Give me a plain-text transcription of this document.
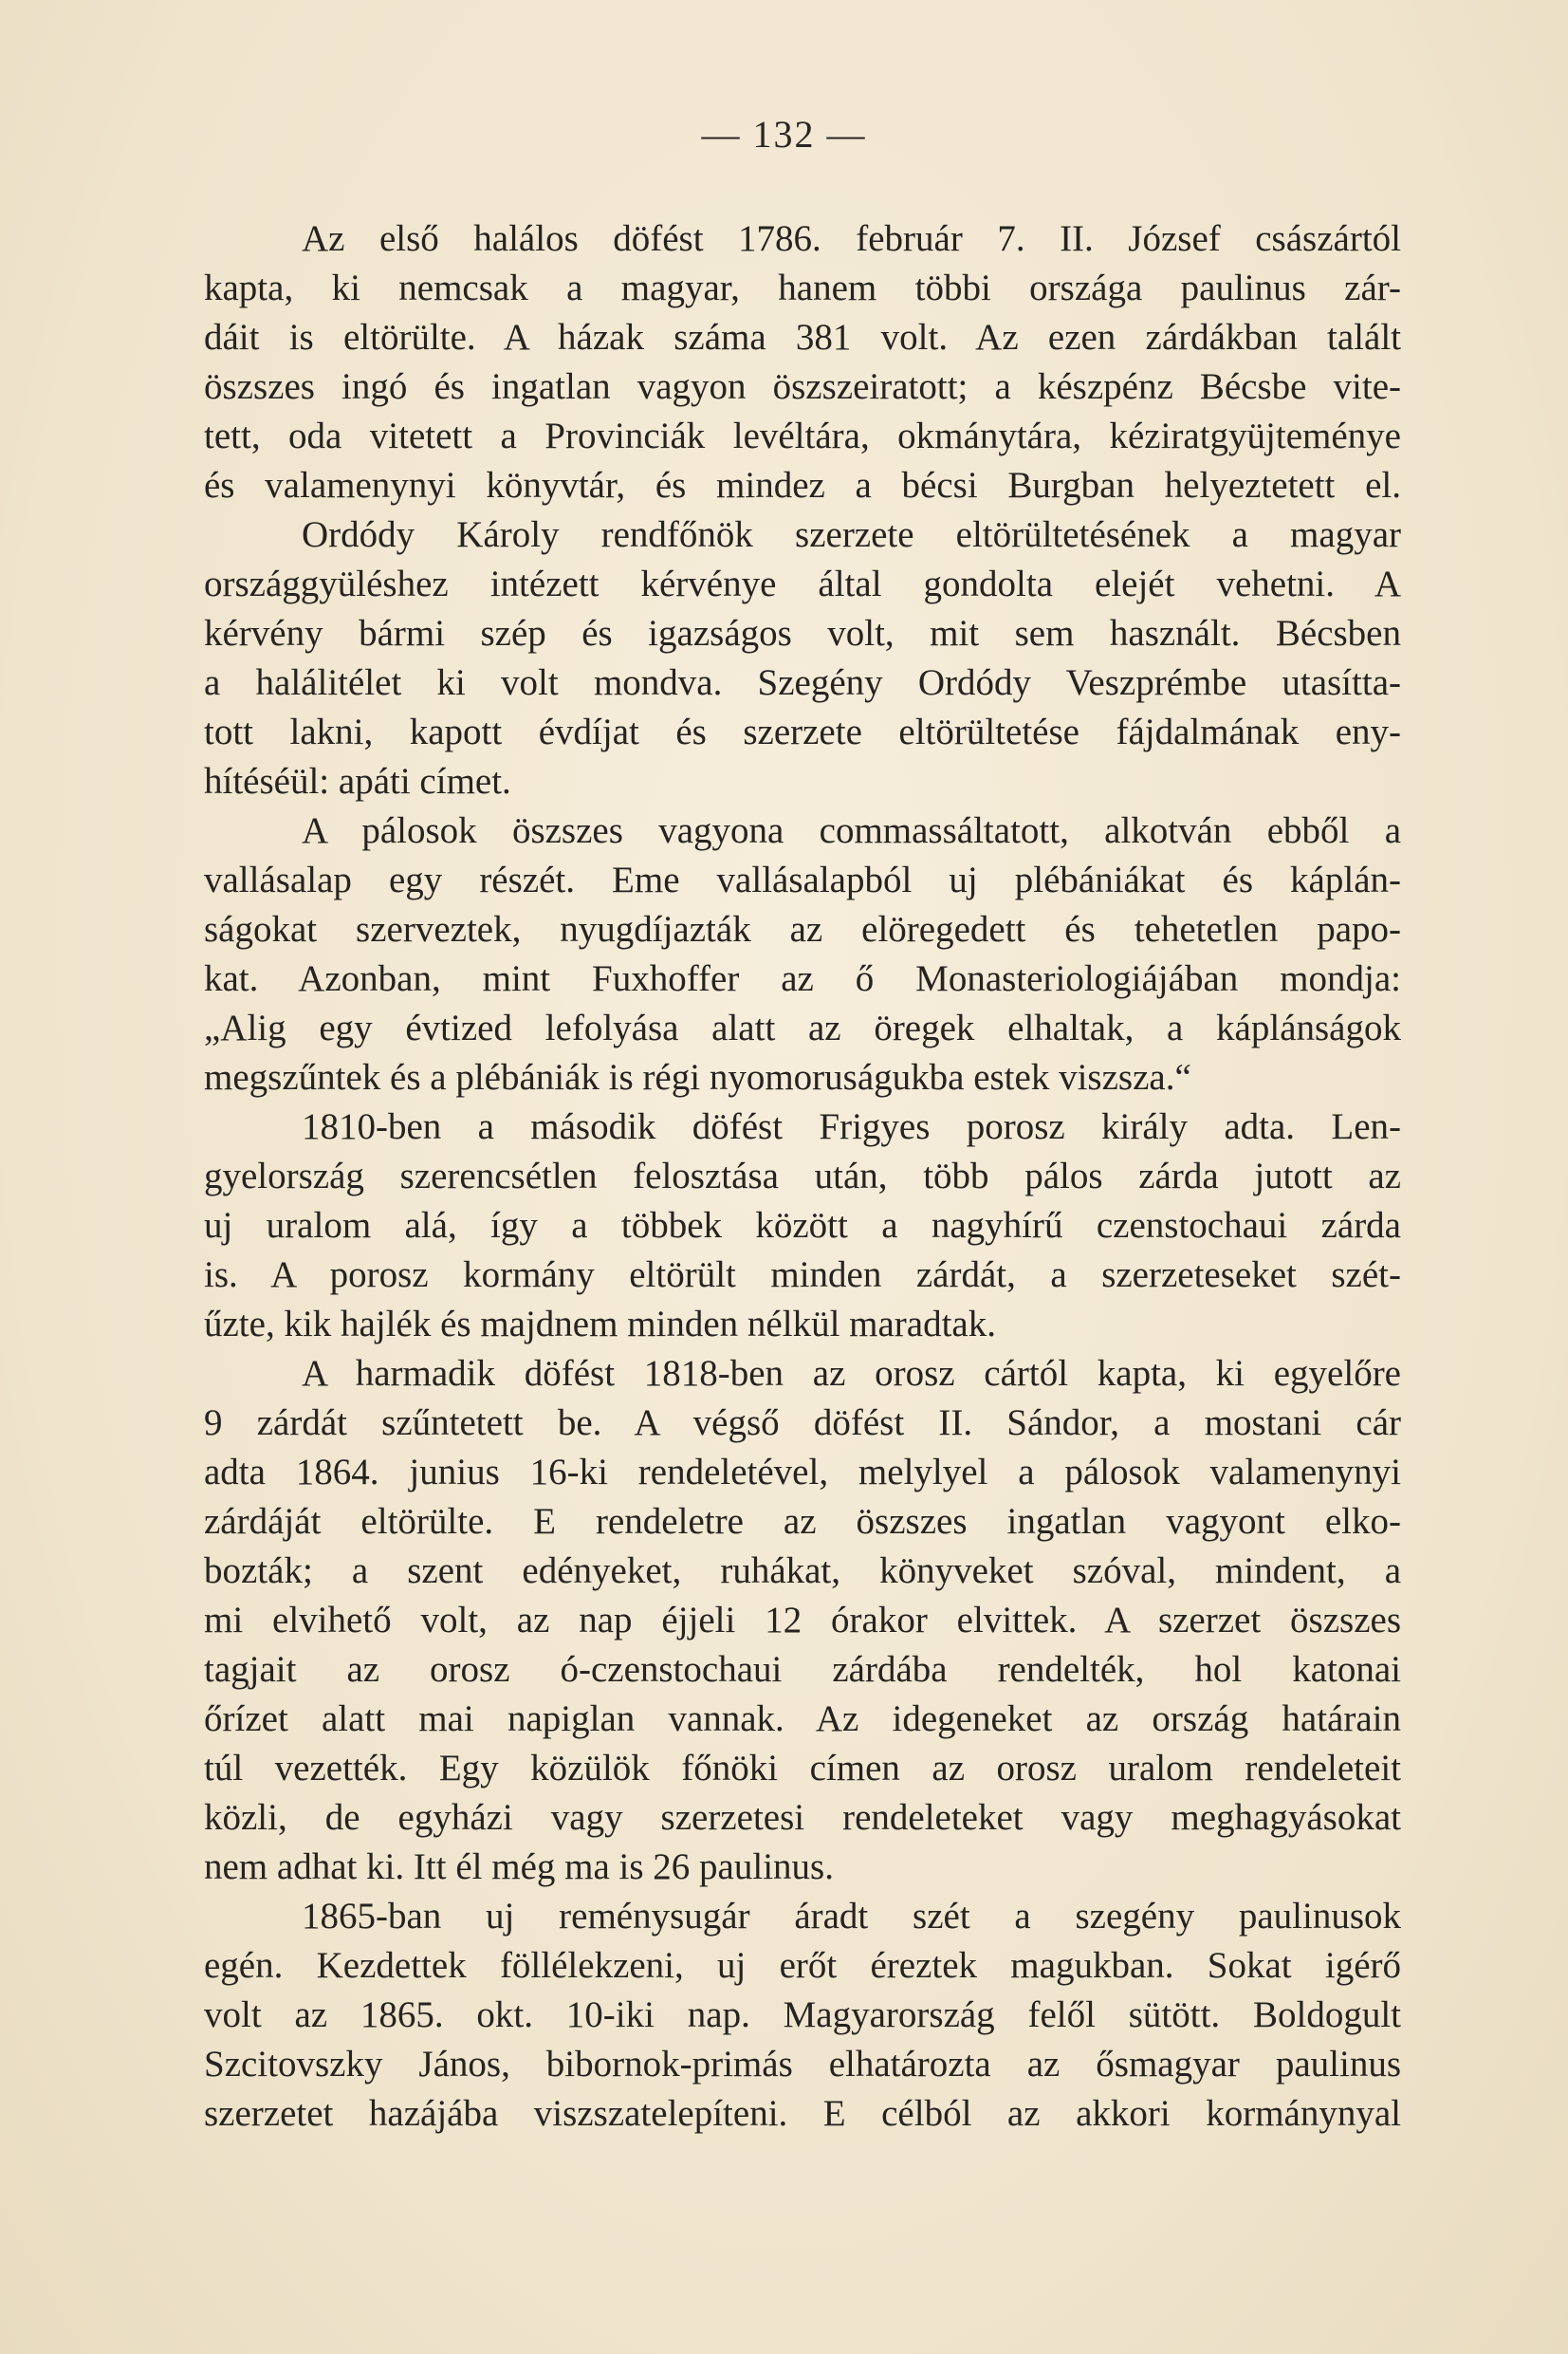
— 132 —
Az első halálos döfést 1786. február 7. II. József császártól
kapta, ki nemcsak a magyar, hanem többi országa paulinus zár-
dáit is eltörülte. A házak száma 381 volt. Az ezen zárdákban talált
öszszes ingó és ingatlan vagyon öszszeiratott; a készpénz Bécsbe vite-
tett, oda vitetett a Provinciák levéltára, okmánytára, kéziratgyüjteménye
és valamenynyi könyvtár, és mindez a bécsi Burgban helyeztetett el.
Ordódy Károly rendfőnök szerzete eltörültetésének a magyar
országgyüléshez intézett kérvénye által gondolta elejét vehetni. A
kérvény bármi szép és igazságos volt, mit sem használt. Bécsben
a halálitélet ki volt mondva. Szegény Ordódy Veszprémbe utasítta-
tott lakni, kapott évdíjat és szerzete eltörültetése fájdalmának eny-
hítéséül: apáti címet.
A pálosok öszszes vagyona commassáltatott, alkotván ebből a
vallásalap egy részét. Eme vallásalapból uj plébániákat és káplán-
ságokat szerveztek, nyugdíjazták az elöregedett és tehetetlen papo-
kat. Azonban, mint Fuxhoffer az ő Monasteriologiájában mondja:
„Alig egy évtized lefolyása alatt az öregek elhaltak, a káplánságok
megszűntek és a plébániák is régi nyomoruságukba estek viszsza.“
1810-ben a második döfést Frigyes porosz király adta. Len-
gyelország szerencsétlen felosztása után, több pálos zárda jutott az
uj uralom alá, így a többek között a nagyhírű czenstochaui zárda
is. A porosz kormány eltörült minden zárdát, a szerzeteseket szét-
űzte, kik hajlék és majdnem minden nélkül maradtak.
A harmadik döfést 1818-ben az orosz cártól kapta, ki egyelőre
9 zárdát szűntetett be. A végső döfést II. Sándor, a mostani cár
adta 1864. junius 16-ki rendeletével, melylyel a pálosok valamenynyi
zárdáját eltörülte. E rendeletre az öszszes ingatlan vagyont elko-
bozták; a szent edényeket, ruhákat, könyveket szóval, mindent, a
mi elvihető volt, az nap éjjeli 12 órakor elvittek. A szerzet öszszes
tagjait az orosz ó-czenstochaui zárdába rendelték, hol katonai
őrízet alatt mai napiglan vannak. Az idegeneket az ország határain
túl vezették. Egy közülök főnöki címen az orosz uralom rendeleteit
közli, de egyházi vagy szerzetesi rendeleteket vagy meghagyásokat
nem adhat ki. Itt él még ma is 26 paulinus.
1865-ban uj reménysugár áradt szét a szegény paulinusok
egén. Kezdettek föllélekzeni, uj erőt éreztek magukban. Sokat igérő
volt az 1865. okt. 10-iki nap. Magyarország felől sütött. Boldogult
Szcitovszky János, bibornok-primás elhatározta az ősmagyar paulinus
szerzetet hazájába viszszatelepíteni. E célból az akkori kormánynyal
